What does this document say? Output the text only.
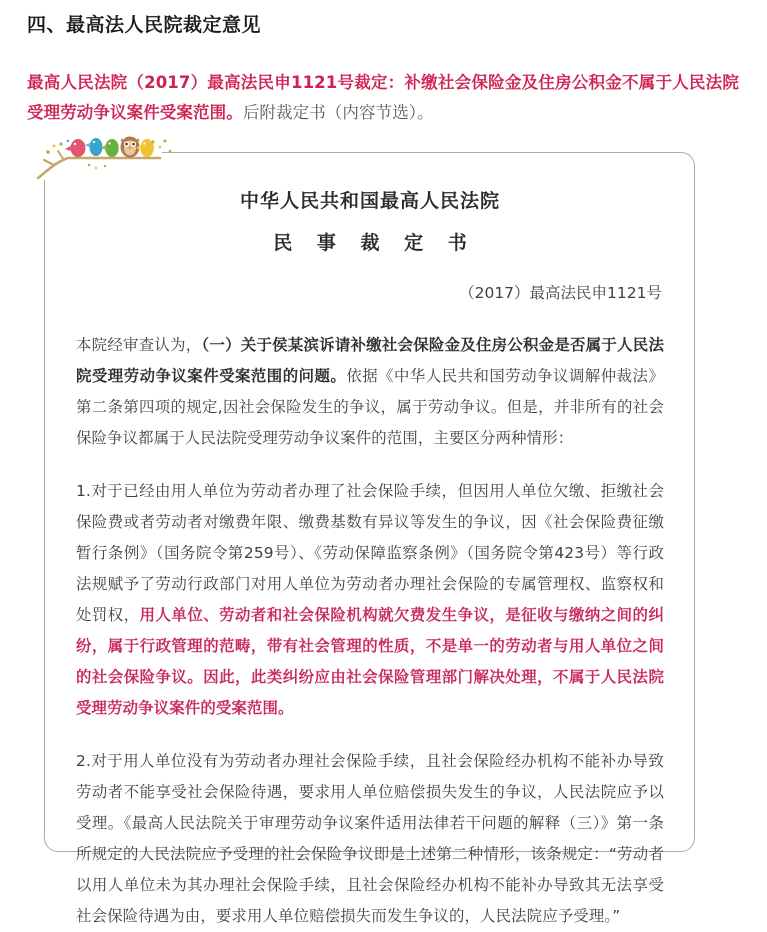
四、最高法人民院裁定意见
最高人民法院（2017）最高法民申1121号裁定：补缴社会保险金及住房公积金不属于人民法院受理劳动争议案件受案范围。后附裁定书（内容节选）。
中华人民共和国最高人民法院
民 事 裁 定 书
（2017）最高法民申1121号
本院经审查认为，（一）关于侯某滨诉请补缴社会保险金及住房公积金是否属于人民法院受理劳动争议案件受案范围的问题。依据《中华人民共和国劳动争议调解仲裁法》第二条第四项的规定,因社会保险发生的争议，属于劳动争议。但是，并非所有的社会保险争议都属于人民法院受理劳动争议案件的范围，主要区分两种情形：
1.对于已经由用人单位为劳动者办理了社会保险手续，但因用人单位欠缴、拒缴社会保险费或者劳动者对缴费年限、缴费基数有异议等发生的争议，因《社会保险费征缴暂行条例》（国务院令第259号）、《劳动保障监察条例》（国务院令第423号）等行政法规赋予了劳动行政部门对用人单位为劳动者办理社会保险的专属管理权、监察权和处罚权，用人单位、劳动者和社会保险机构就欠费发生争议，是征收与缴纳之间的纠纷，属于行政管理的范畴，带有社会管理的性质，不是单一的劳动者与用人单位之间的社会保险争议。因此，此类纠纷应由社会保险管理部门解决处理，不属于人民法院受理劳动争议案件的受案范围。
2.对于用人单位没有为劳动者办理社会保险手续，且社会保险经办机构不能补办导致劳动者不能享受社会保险待遇，要求用人单位赔偿损失发生的争议，人民法院应予以受理。《最高人民法院关于审理劳动争议案件适用法律若干问题的解释（三）》第一条所规定的人民法院应予受理的社会保险争议即是上述第二种情形，该条规定：“劳动者以用人单位未为其办理社会保险手续，且社会保险经办机构不能补办导致其无法享受社会保险待遇为由，要求用人单位赔偿损失而发生争议的，人民法院应予受理。”
